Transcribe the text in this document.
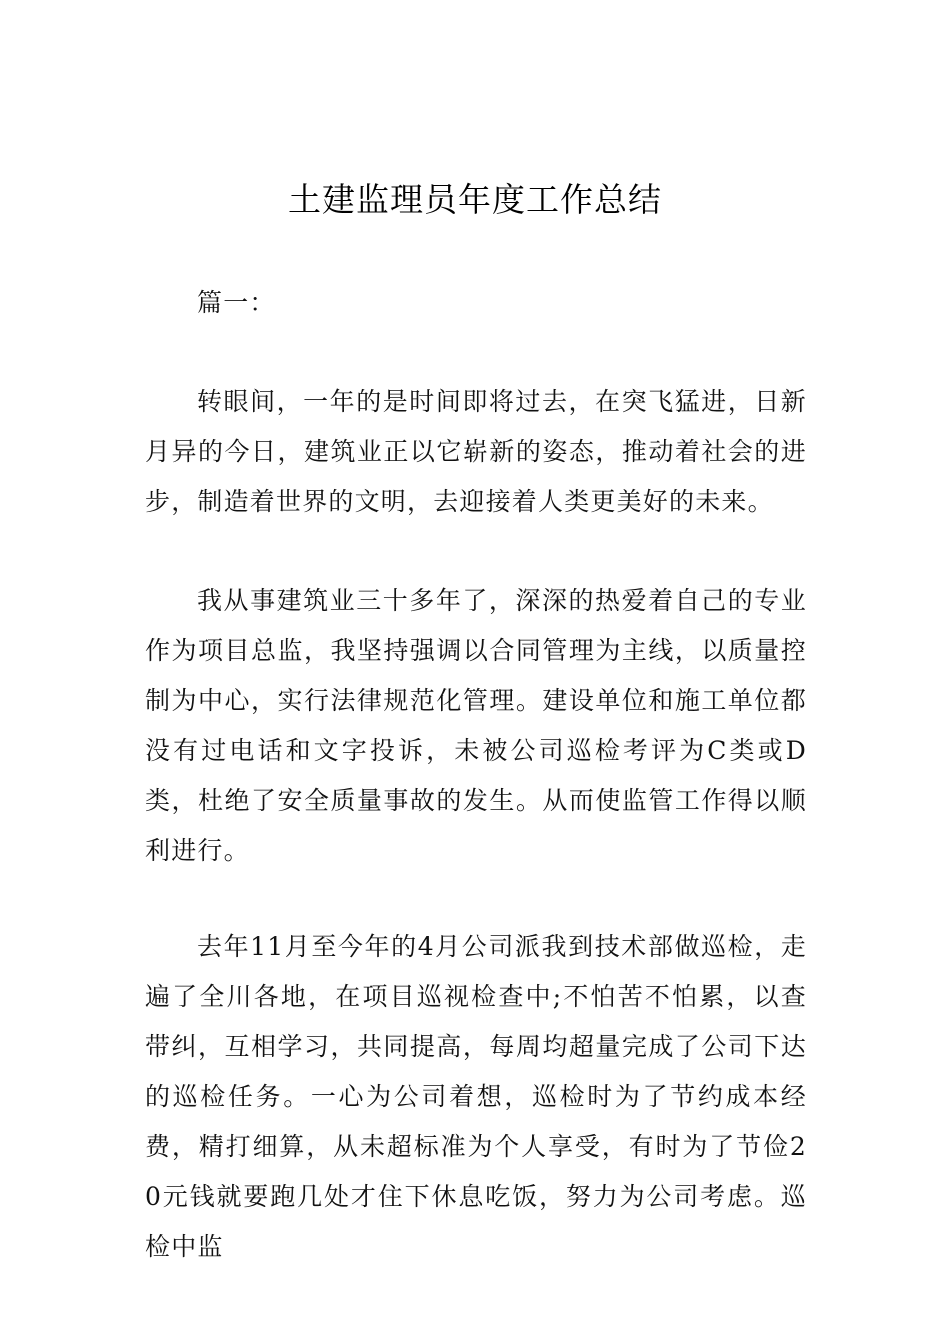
土建监理员年度工作总结

篇一：

转眼间，一年的是时间即将过去，在突飞猛进，日新月异的今日，建筑业正以它崭新的姿态，推动着社会的进步，制造着世界的文明，去迎接着人类更美好的未来。

我从事建筑业三十多年了，深深的热爱着自己的专业作为项目总监，我坚持强调以合同管理为主线，以质量控制为中心，实行法律规范化管理。建设单位和施工单位都没有过电话和文字投诉，未被公司巡检考评为C类或D类，杜绝了安全质量事故的发生。从而使监管工作得以顺利进行。

去年11月至今年的4月公司派我到技术部做巡检，走遍了全川各地，在项目巡视检查中;不怕苦不怕累，以查带纠，互相学习，共同提高，每周均超量完成了公司下达的巡检任务。一心为公司着想，巡检时为了节约成本经费，精打细算，从未超标准为个人享受，有时为了节俭20元钱就要跑几处才住下休息吃饭，努力为公司考虑。巡检中监
